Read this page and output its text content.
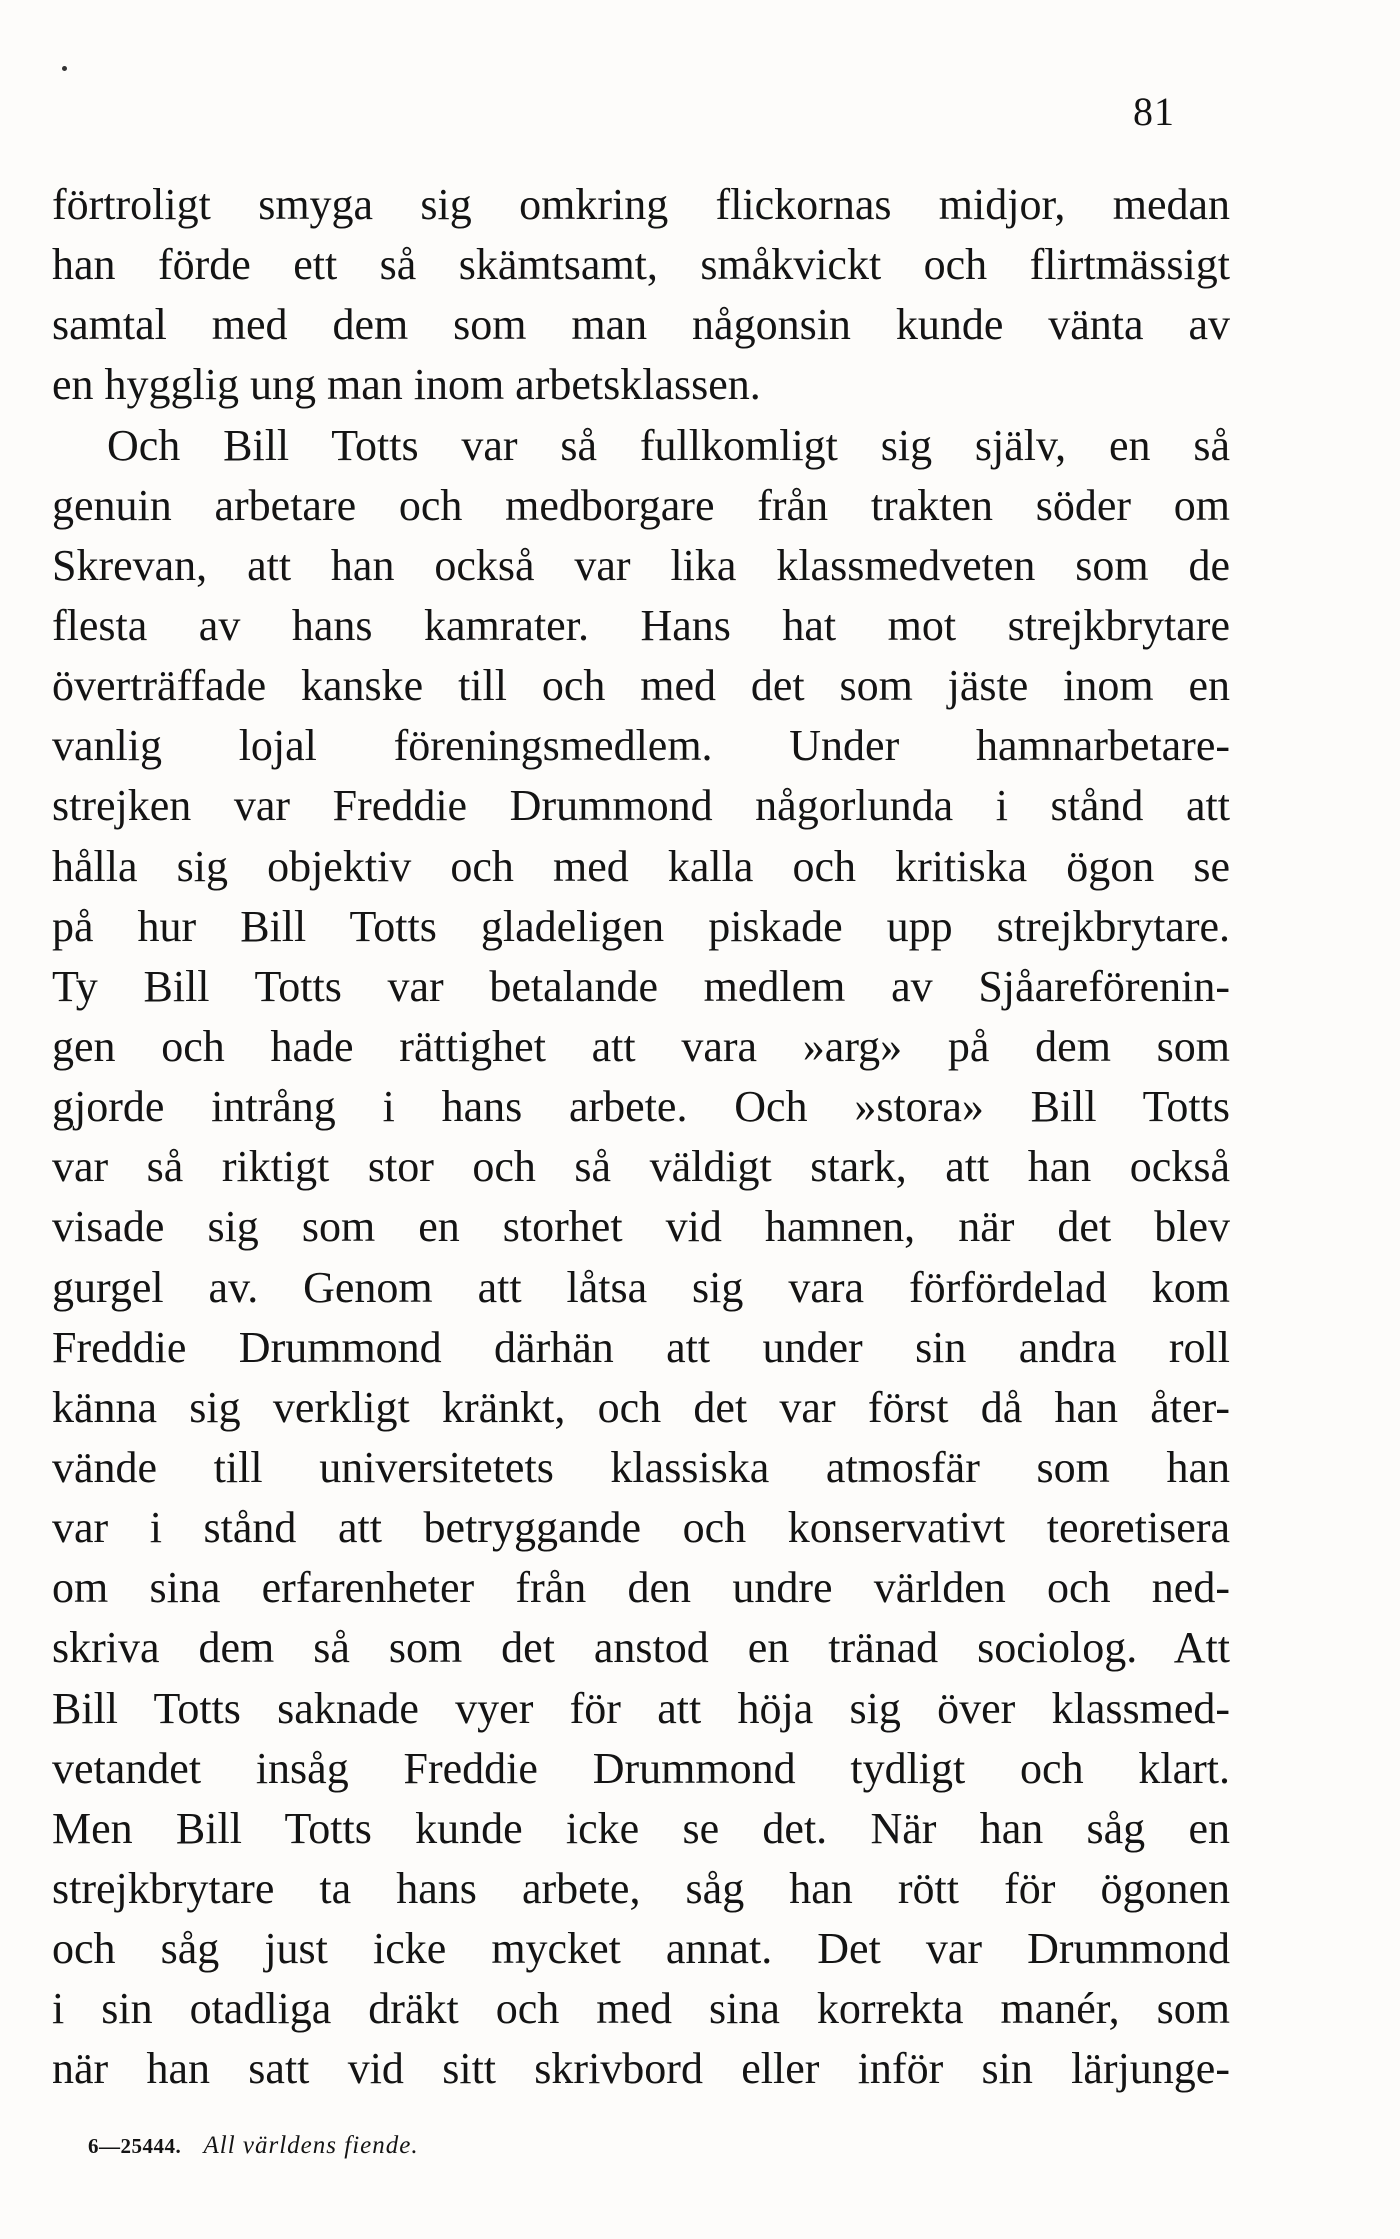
81
förtroligt smyga sig omkring flickornas midjor, medan
han förde ett så skämtsamt, småkvickt och flirtmässigt
samtal med dem som man någonsin kunde vänta av
en hygglig ung man inom arbetsklassen.
Och Bill Totts var så fullkomligt sig själv, en så
genuin arbetare och medborgare från trakten söder om
Skrevan, att han också var lika klassmedveten som de
flesta av hans kamrater. Hans hat mot strejkbrytare
överträffade kanske till och med det som jäste inom en
vanlig lojal föreningsmedlem. Under hamnarbetare-
strejken var Freddie Drummond någorlunda i stånd att
hålla sig objektiv och med kalla och kritiska ögon se
på hur Bill Totts gladeligen piskade upp strejkbrytare.
Ty Bill Totts var betalande medlem av Sjåareförenin-
gen och hade rättighet att vara »arg» på dem som
gjorde intrång i hans arbete. Och »stora» Bill Totts
var så riktigt stor och så väldigt stark, att han också
visade sig som en storhet vid hamnen, när det blev
gurgel av. Genom att låtsa sig vara förfördelad kom
Freddie Drummond därhän att under sin andra roll
känna sig verkligt kränkt, och det var först då han åter-
vände till universitetets klassiska atmosfär som han
var i stånd att betryggande och konservativt teoretisera
om sina erfarenheter från den undre världen och ned-
skriva dem så som det anstod en tränad sociolog. Att
Bill Totts saknade vyer för att höja sig över klassmed-
vetandet insåg Freddie Drummond tydligt och klart.
Men Bill Totts kunde icke se det. När han såg en
strejkbrytare ta hans arbete, såg han rött för ögonen
och såg just icke mycket annat. Det var Drummond
i sin otadliga dräkt och med sina korrekta manér, som
när han satt vid sitt skrivbord eller inför sin lärjunge-
6—25444. All världens fiende.
